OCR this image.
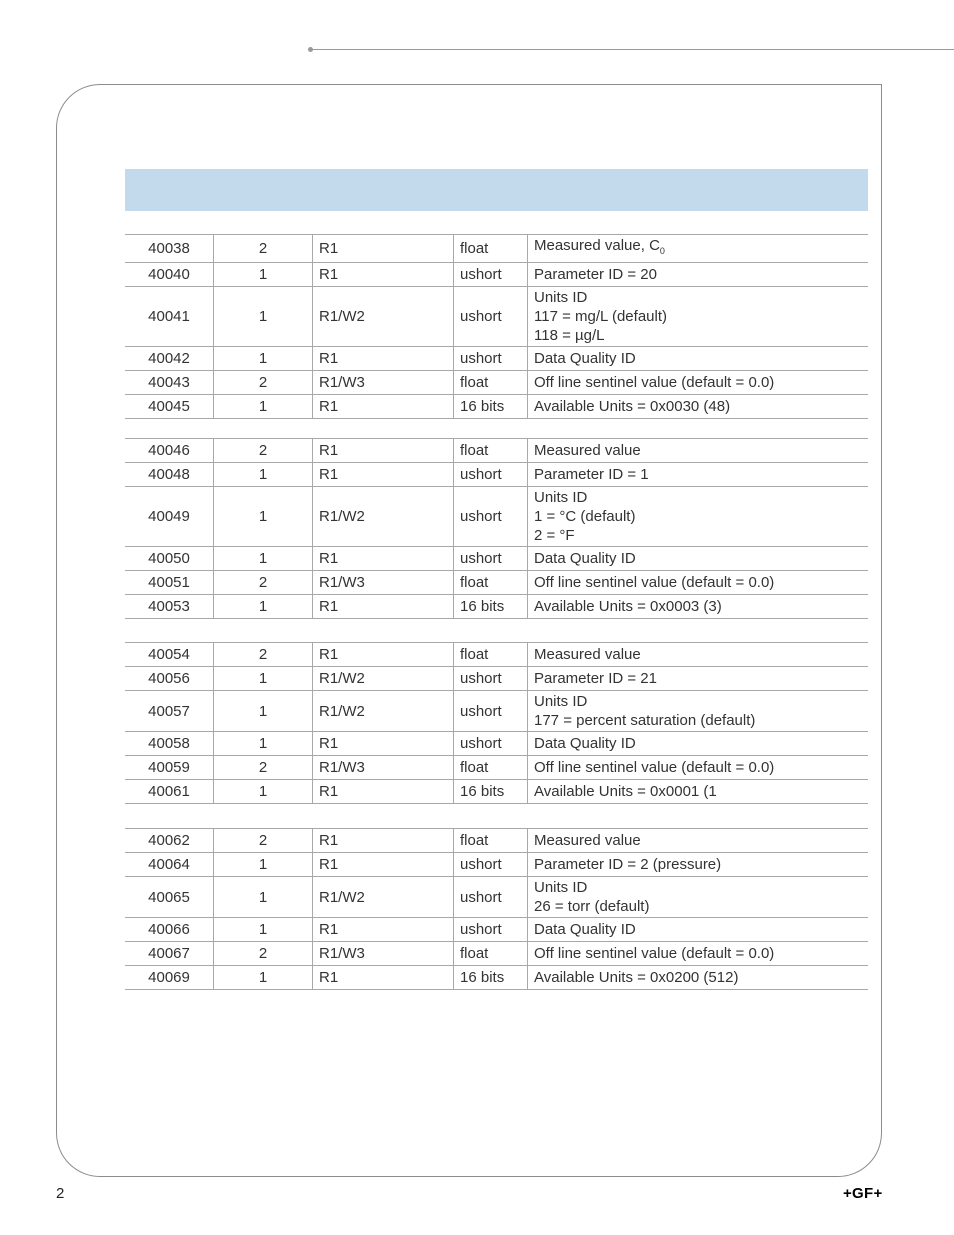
40038	2	R1	float	Measured value, $C_0$
40040	1	R1	ushort	Parameter ID = 20
40041	1	R1/W2	ushort	Units ID
117 = mg/L (default)
118 = µg/L
40042	1	R1	ushort	Data Quality ID
40043	2	R1/W3	float	Off line sentinel value (default = 0.0)
40045	1	R1	16 bits	Available Units = 0x0030 (48)
40046	2	R1	float	Measured value
40048	1	R1	ushort	Parameter ID = 1
40049	1	R1/W2	ushort	Units ID
1 = °C (default)
2 = °F
40050	1	R1	ushort	Data Quality ID
40051	2	R1/W3	float	Off line sentinel value (default = 0.0)
40053	1	R1	16 bits	Available Units = 0x0003 (3)
40054	2	R1	float	Measured value
40056	1	R1/W2	ushort	Parameter ID = 21
40057	1	R1/W2	ushort	Units ID
177 = percent saturation (default)
40058	1	R1	ushort	Data Quality ID
40059	2	R1/W3	float	Off line sentinel value (default = 0.0)
40061	1	R1	16 bits	Available Units = 0x0001 (1
40062	2	R1	float	Measured value
40064	1	R1	ushort	Parameter ID = 2 (pressure)
40065	1	R1/W2	ushort	Units ID
26 = torr (default)
40066	1	R1	ushort	Data Quality ID
40067	2	R1/W3	float	Off line sentinel value (default = 0.0)
40069	1	R1	16 bits	Available Units = 0x0200 (512)
2	+GF+
